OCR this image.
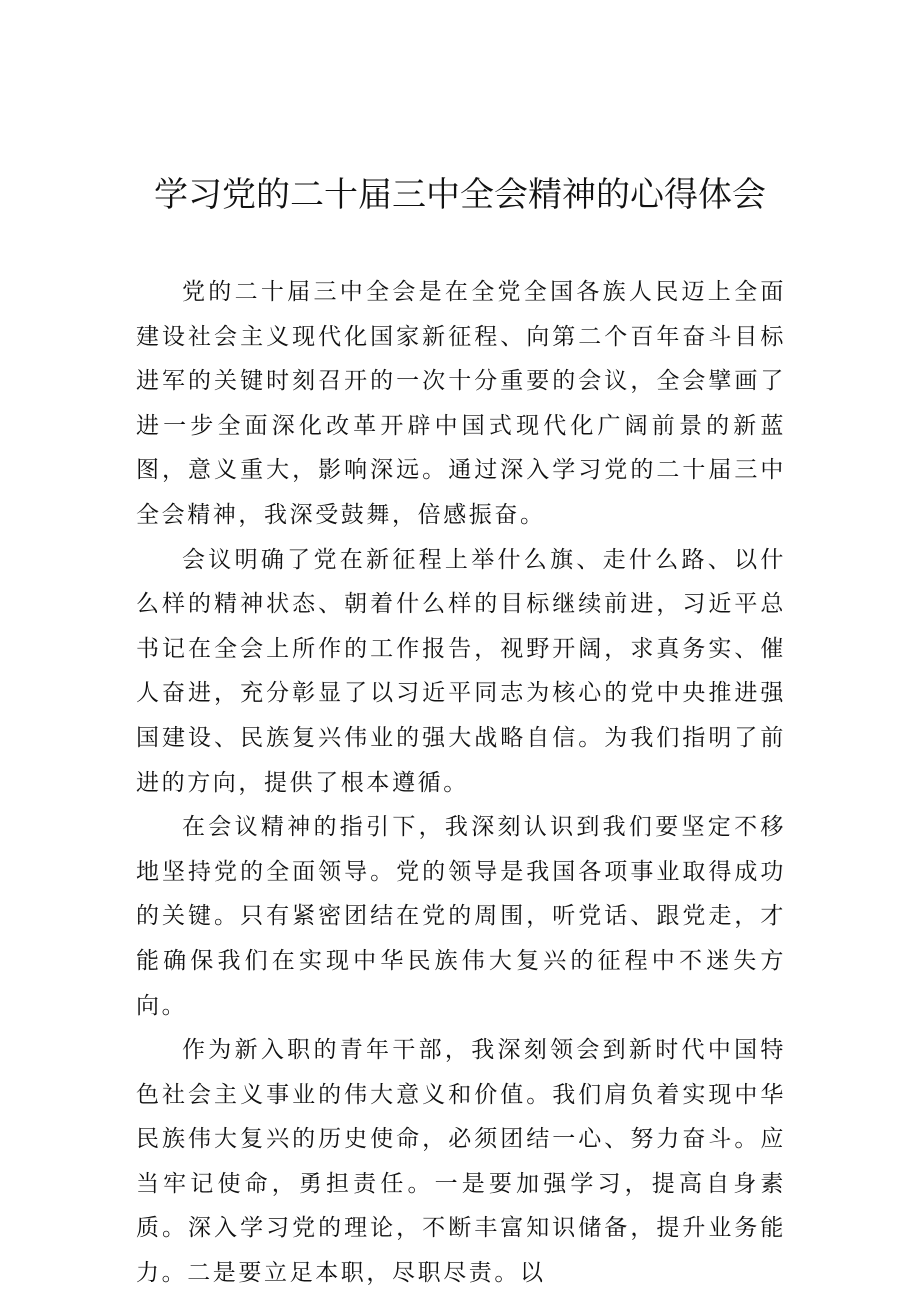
学习党的二十届三中全会精神的心得体会

党的二十届三中全会是在全党全国各族人民迈上全面建设社会主义现代化国家新征程、向第二个百年奋斗目标进军的关键时刻召开的一次十分重要的会议，全会擘画了进一步全面深化改革开辟中国式现代化广阔前景的新蓝图，意义重大，影响深远。通过深入学习党的二十届三中全会精神，我深受鼓舞，倍感振奋。

会议明确了党在新征程上举什么旗、走什么路、以什么样的精神状态、朝着什么样的目标继续前进，习近平总书记在全会上所作的工作报告，视野开阔，求真务实、催人奋进，充分彰显了以习近平同志为核心的党中央推进强国建设、民族复兴伟业的强大战略自信。为我们指明了前进的方向，提供了根本遵循。

在会议精神的指引下，我深刻认识到我们要坚定不移地坚持党的全面领导。党的领导是我国各项事业取得成功的关键。只有紧密团结在党的周围，听党话、跟党走，才能确保我们在实现中华民族伟大复兴的征程中不迷失方向。

作为新入职的青年干部，我深刻领会到新时代中国特色社会主义事业的伟大意义和价值。我们肩负着实现中华民族伟大复兴的历史使命，必须团结一心、努力奋斗。应当牢记使命，勇担责任。一是要加强学习，提高自身素质。深入学习党的理论，不断丰富知识储备，提升业务能力。二是要立足本职，尽职尽责。以
